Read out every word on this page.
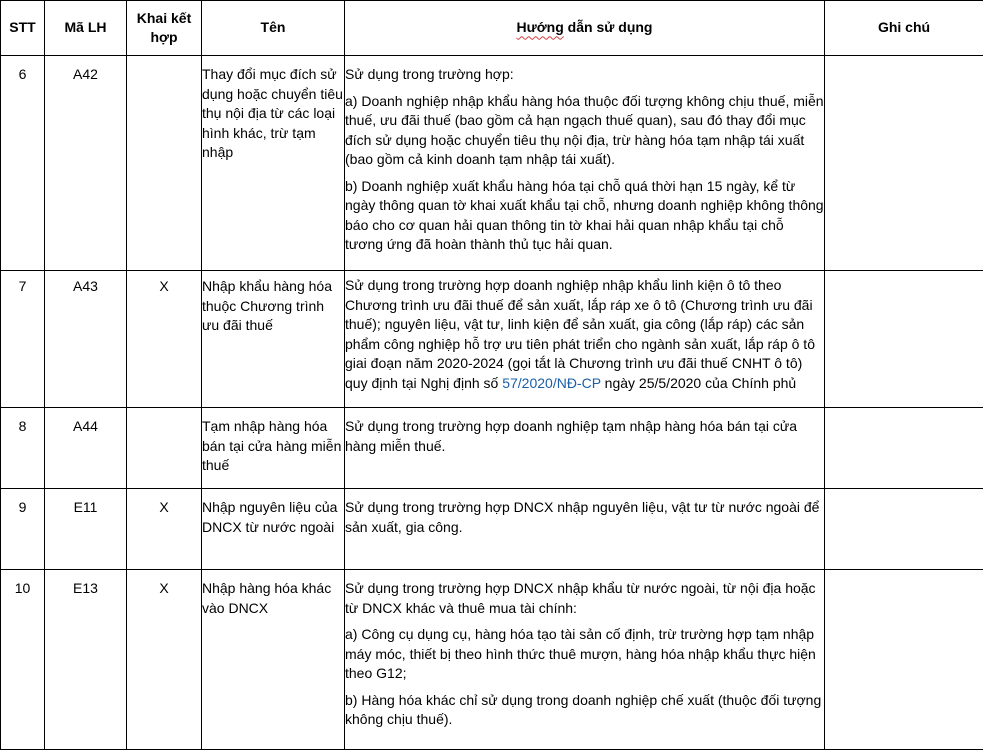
STT	Mã LH	Khai kết hợp	Tên	Hướng dẫn sử dụng	Ghi chú
6	A42		Thay đổi mục đích sử dụng hoặc chuyển tiêu thụ nội địa từ các loại hình khác, trừ tạm nhập	Sử dụng trong trường hợp:
a) Doanh nghiệp nhập khẩu hàng hóa thuộc đối tượng không chịu thuế, miễn thuế, ưu đãi thuế (bao gồm cả hạn ngạch thuế quan), sau đó thay đổi mục đích sử dụng hoặc chuyển tiêu thụ nội địa, trừ hàng hóa tạm nhập tái xuất (bao gồm cả kinh doanh tạm nhập tái xuất).
b) Doanh nghiệp xuất khẩu hàng hóa tại chỗ quá thời hạn 15 ngày, kể từ ngày thông quan tờ khai xuất khẩu tại chỗ, nhưng doanh nghiệp không thông báo cho cơ quan hải quan thông tin tờ khai hải quan nhập khẩu tại chỗ tương ứng đã hoàn thành thủ tục hải quan.	

7	A43	X	Nhập khẩu hàng hóa thuộc Chương trình ưu đãi thuế	Sử dụng trong trường hợp doanh nghiệp nhập khẩu linh kiện ô tô theo Chương trình ưu đãi thuế để sản xuất, lắp ráp xe ô tô (Chương trình ưu đãi thuế); nguyên liệu, vật tư, linh kiện để sản xuất, gia công (lắp ráp) các sản phẩm công nghiệp hỗ trợ ưu tiên phát triển cho ngành sản xuất, lắp ráp ô tô giai đoạn năm 2020-2024 (gọi tắt là Chương trình ưu đãi thuế CNHT ô tô) quy định tại Nghị định số 57/2020/NĐ-CP ngày 25/5/2020 của Chính phủ	
8	A44		Tạm nhập hàng hóa bán tại cửa hàng miễn thuế	Sử dụng trong trường hợp doanh nghiệp tạm nhập hàng hóa bán tại cửa hàng miễn thuế.	

9	E11	X	Nhập nguyên liệu của DNCX từ nước ngoài	Sử dụng trong trường hợp DNCX nhập nguyên liệu, vật tư từ nước ngoài để sản xuất, gia công.	

10	E13	X	Nhập hàng hóa khác vào DNCX	Sử dụng trong trường hợp DNCX nhập khẩu từ nước ngoài, từ nội địa hoặc từ DNCX khác và thuê mua tài chính:
a) Công cụ dụng cụ, hàng hóa tạo tài sản cố định, trừ trường hợp tạm nhập máy móc, thiết bị theo hình thức thuê mượn, hàng hóa nhập khẩu thực hiện theo G12;
b) Hàng hóa khác chỉ sử dụng trong doanh nghiệp chế xuất (thuộc đối tượng không chịu thuế).	
